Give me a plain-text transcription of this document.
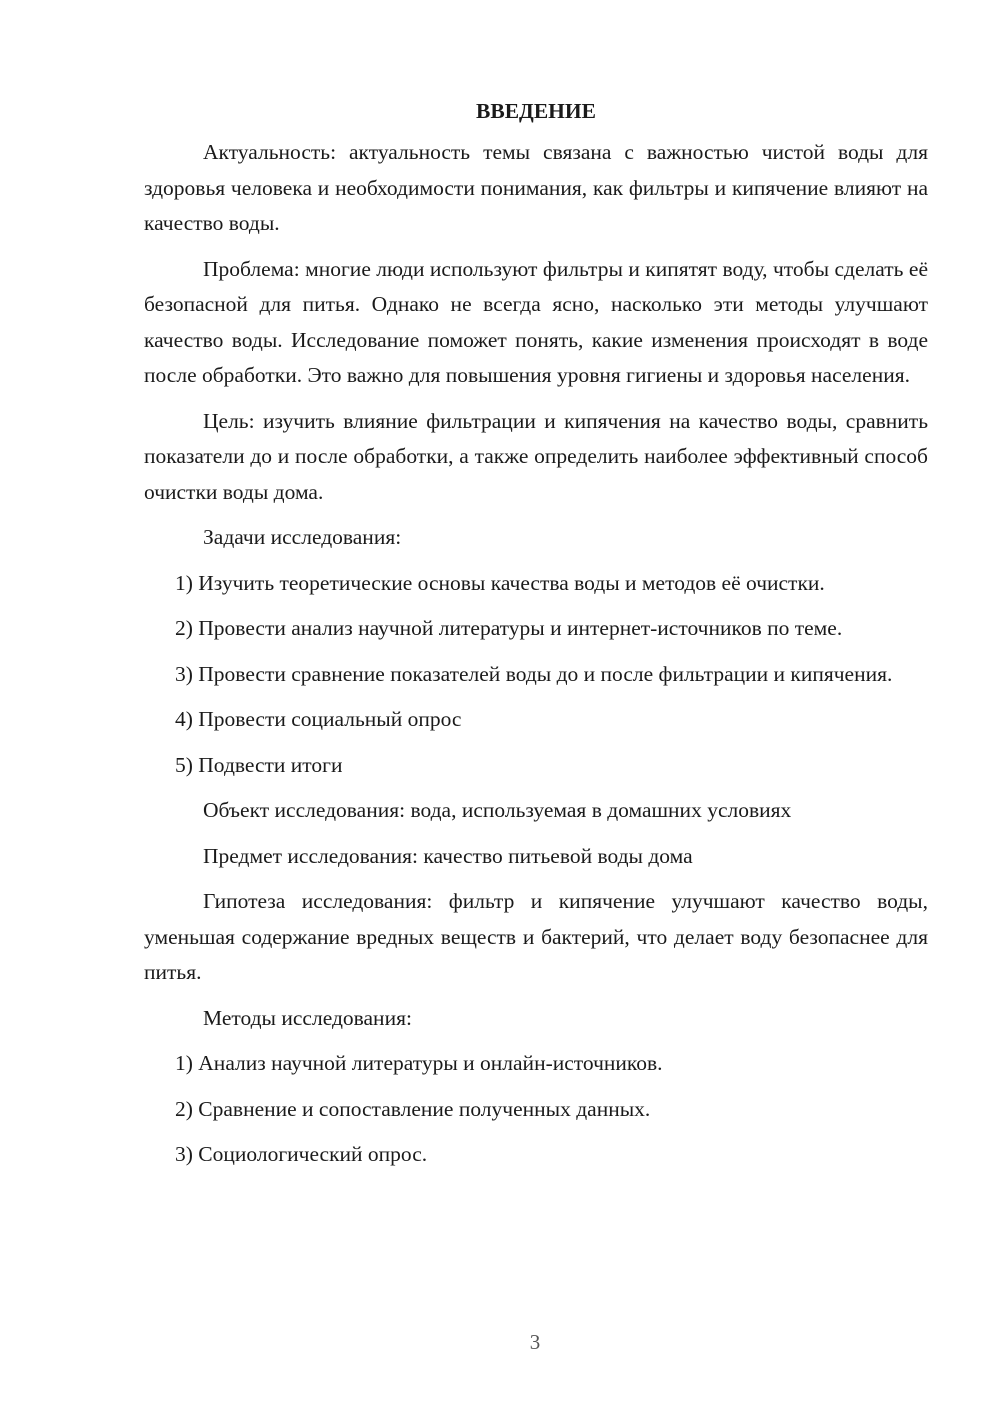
ВВЕДЕНИЕ

Актуальность: актуальность темы связана с важностью чистой воды для здоровья человека и необходимости понимания, как фильтры и кипячение влияют на качество воды.

Проблема: многие люди используют фильтры и кипятят воду, чтобы сделать её безопасной для питья. Однако не всегда ясно, насколько эти методы улучшают качество воды. Исследование поможет понять, какие изменения происходят в воде после обработки. Это важно для повышения уровня гигиены и здоровья населения.

Цель: изучить влияние фильтрации и кипячения на качество воды, сравнить показатели до и после обработки, а также определить наиболее эффективный способ очистки воды дома.

Задачи исследования:

1) Изучить теоретические основы качества воды и методов её очистки.

2) Провести анализ научной литературы и интернет-источников по теме.

3) Провести сравнение показателей воды до и после фильтрации и кипячения.

4) Провести социальный опрос

5) Подвести итоги

Объект исследования: вода, используемая в домашних условиях

Предмет исследования: качество питьевой воды дома

Гипотеза исследования: фильтр и кипячение улучшают качество воды, уменьшая содержание вредных веществ и бактерий, что делает воду безопаснее для питья.

Методы исследования:

1) Анализ научной литературы и онлайн-источников.

2) Сравнение и сопоставление полученных данных.

3) Социологический опрос.

3
